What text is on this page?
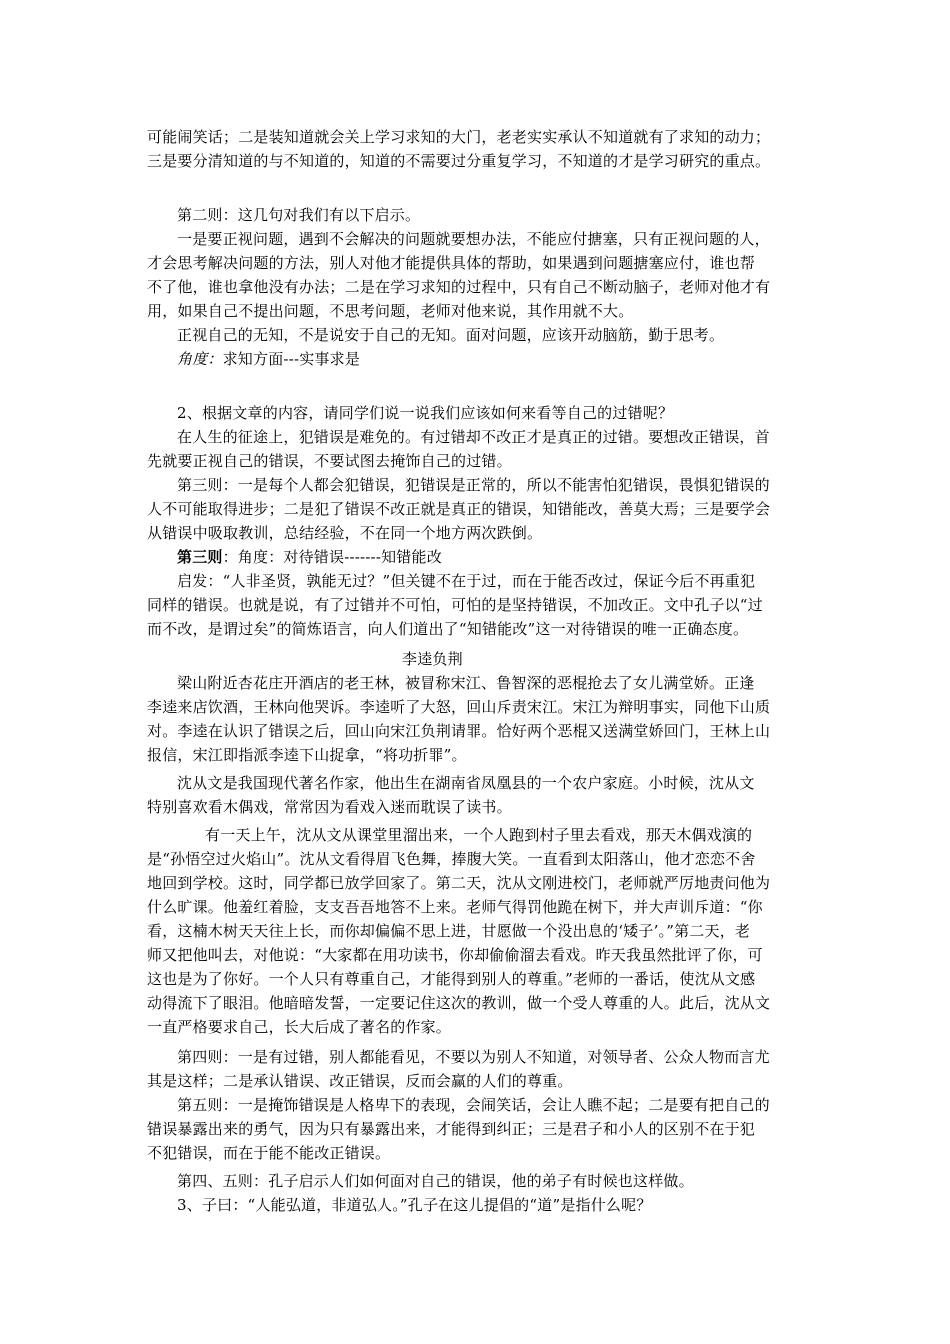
可能闹笑话；二是装知道就会关上学习求知的大门，老老实实承认不知道就有了求知的动力；
三是要分清知道的与不知道的，知道的不需要过分重复学习，不知道的才是学习研究的重点。
第二则：这几句对我们有以下启示。
一是要正视问题，遇到不会解决的问题就要想办法，不能应付搪塞，只有正视问题的人，
才会思考解决问题的方法，别人对他才能提供具体的帮助，如果遇到问题搪塞应付，谁也帮
不了他，谁也拿他没有办法；二是在学习求知的过程中，只有自己不断动脑子，老师对他才有
用，如果自己不提出问题，不思考问题，老师对他来说，其作用就不大。
正视自己的无知，不是说安于自己的无知。面对问题，应该开动脑筋，勤于思考。
角度：求知方面---实事求是
2、根据文章的内容，请同学们说一说我们应该如何来看等自己的过错呢？
在人生的征途上，犯错误是难免的。有过错却不改正才是真正的过错。要想改正错误，首
先就要正视自己的错误，不要试图去掩饰自己的过错。
第三则：一是每个人都会犯错误，犯错误是正常的，所以不能害怕犯错误，畏惧犯错误的
人不可能取得进步；二是犯了错误不改正就是真正的错误，知错能改，善莫大焉；三是要学会
从错误中吸取教训，总结经验，不在同一个地方两次跌倒。
第三则：角度：对待错误-------知错能改
启发：“人非圣贤，孰能无过？”但关键不在于过，而在于能否改过，保证今后不再重犯
同样的错误。也就是说，有了过错并不可怕，可怕的是坚持错误，不加改正。文中孔子以“过
而不改，是谓过矣”的简炼语言，向人们道出了“知错能改”这一对待错误的唯一正确态度。
李逵负荆
梁山附近杏花庄开酒店的老王林，被冒称宋江、鲁智深的恶棍抢去了女儿满堂娇。正逢
李逵来店饮酒，王林向他哭诉。李逵听了大怒，回山斥责宋江。宋江为辩明事实，同他下山质
对。李逵在认识了错误之后，回山向宋江负荆请罪。恰好两个恶棍又送满堂娇回门，王林上山
报信，宋江即指派李逵下山捉拿，“将功折罪”。
沈从文是我国现代著名作家，他出生在湖南省凤凰县的一个农户家庭。小时候，沈从文
特别喜欢看木偶戏，常常因为看戏入迷而耽误了读书。
有一天上午，沈从文从课堂里溜出来，一个人跑到村子里去看戏，那天木偶戏演的
是“孙悟空过火焰山”。沈从文看得眉飞色舞，捧腹大笑。一直看到太阳落山，他才恋恋不舍
地回到学校。这时，同学都已放学回家了。第二天，沈从文刚进校门，老师就严厉地责问他为
什么旷课。他羞红着脸，支支吾吾地答不上来。老师气得罚他跪在树下，并大声训斥道：“你
看，这楠木树天天往上长，而你却偏偏不思上进，甘愿做一个没出息的‘矮子’。”第二天，老
师又把他叫去，对他说：“大家都在用功读书，你却偷偷溜去看戏。昨天我虽然批评了你，可
这也是为了你好。一个人只有尊重自己，才能得到别人的尊重。”老师的一番话，使沈从文感
动得流下了眼泪。他暗暗发誓，一定要记住这次的教训，做一个受人尊重的人。此后，沈从文
一直严格要求自己，长大后成了著名的作家。
第四则：一是有过错，别人都能看见，不要以为别人不知道，对领导者、公众人物而言尤
其是这样；二是承认错误、改正错误，反而会赢的人们的尊重。
第五则：一是掩饰错误是人格卑下的表现，会闹笑话，会让人瞧不起；二是要有把自己的
错误暴露出来的勇气，因为只有暴露出来，才能得到纠正；三是君子和小人的区别不在于犯
不犯错误，而在于能不能改正错误。
第四、五则：孔子启示人们如何面对自己的错误，他的弟子有时候也这样做。
3、子曰：“人能弘道，非道弘人。”孔子在这儿提倡的“道”是指什么呢？
